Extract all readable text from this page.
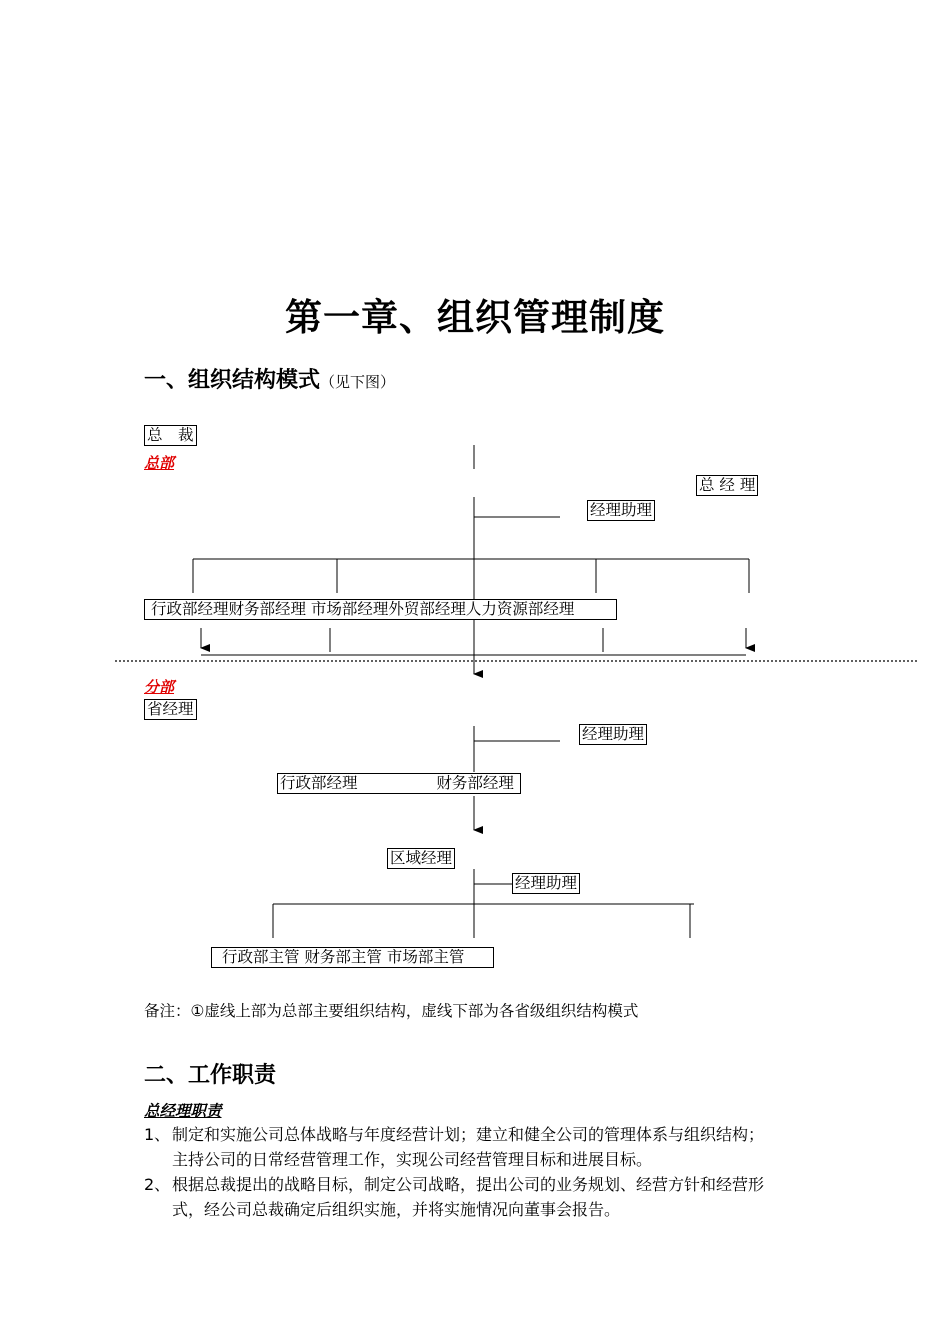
第一章、组织管理制度
一、组织结构模式（见下图）
总　裁
总部
总 经 理
经理助理
行政部经理财务部经理 市场部经理外贸部经理人力资源部经理
分部
省经理
经理助理
行政部经理                财务部经理
区域经理
经理助理
行政部主管 财务部主管 市场部主管
备注：①虚线上部为总部主要组织结构，虚线下部为各省级组织结构模式
二、工作职责
总经理职责
1、 制定和实施公司总体战略与年度经营计划；建立和健全公司的管理体系与组织结构；
主持公司的日常经营管理工作，实现公司经营管理目标和进展目标。
2、 根据总裁提出的战略目标，制定公司战略，提出公司的业务规划、经营方针和经营形
式，经公司总裁确定后组织实施，并将实施情况向董事会报告。
